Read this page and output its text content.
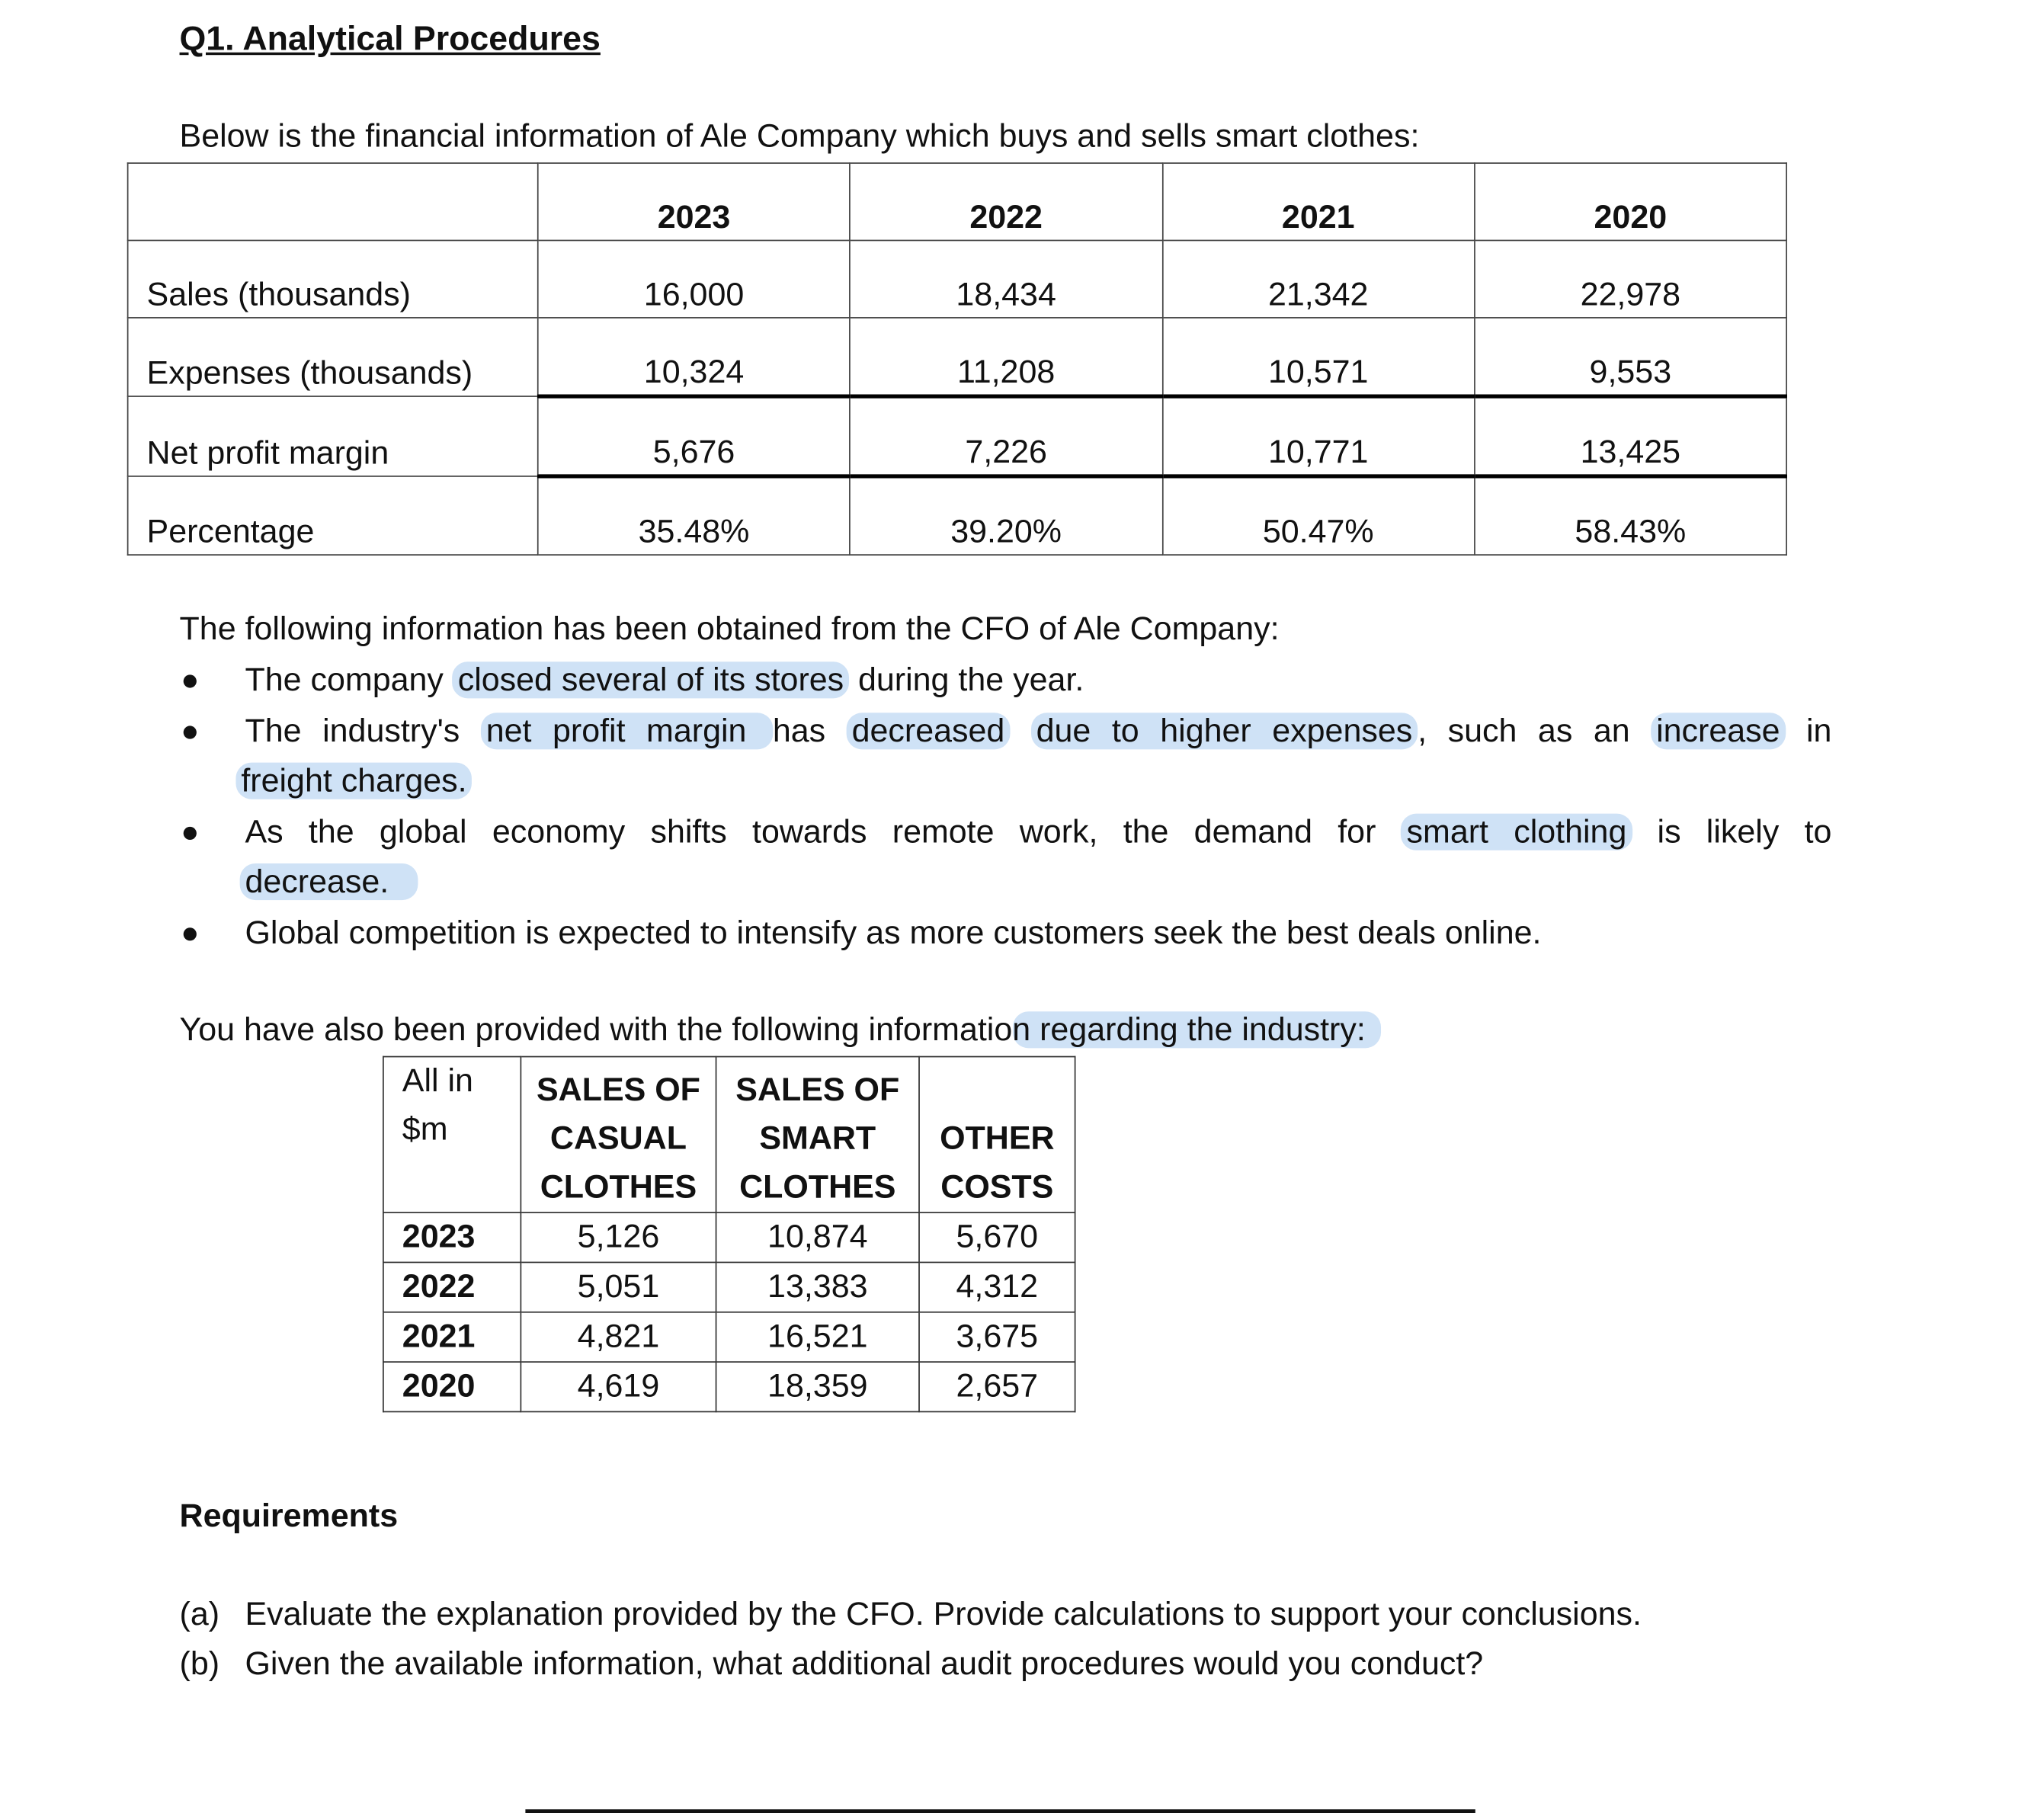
Q1. Analytical Procedures
Below is the financial information of Ale Company which buys and sells smart clothes:
	2023	2022	2021	2020
Sales (thousands)	16,000	18,434	21,342	22,978
Expenses (thousands)	10,324	11,208	10,571	9,553
Net profit margin	5,676	7,226	10,771	13,425
Percentage	35.48%	39.20%	50.47%	58.43%
The following information has been obtained from the CFO of Ale Company:
The company closed several of its stores during the year.
The industry's net profit margin has decreased due to higher expenses , such as an increase in
freight charges.
As the global economy shifts towards remote work, the demand for smart clothing is likely to
decrease.
Global competition is expected to intensify as more customers seek the best deals online.
You have also been provided with the following information regarding the industry:
All in
$m	SALES OF
CASUAL
CLOTHES	SALES OF
SMART
CLOTHES	OTHER
COSTS
2023	5,126	10,874	5,670
2022	5,051	13,383	4,312
2021	4,821	16,521	3,675
2020	4,619	18,359	2,657
Requirements
(a) Evaluate the explanation provided by the CFO. Provide calculations to support your conclusions.
(b) Given the available information, what additional audit procedures would you conduct?
